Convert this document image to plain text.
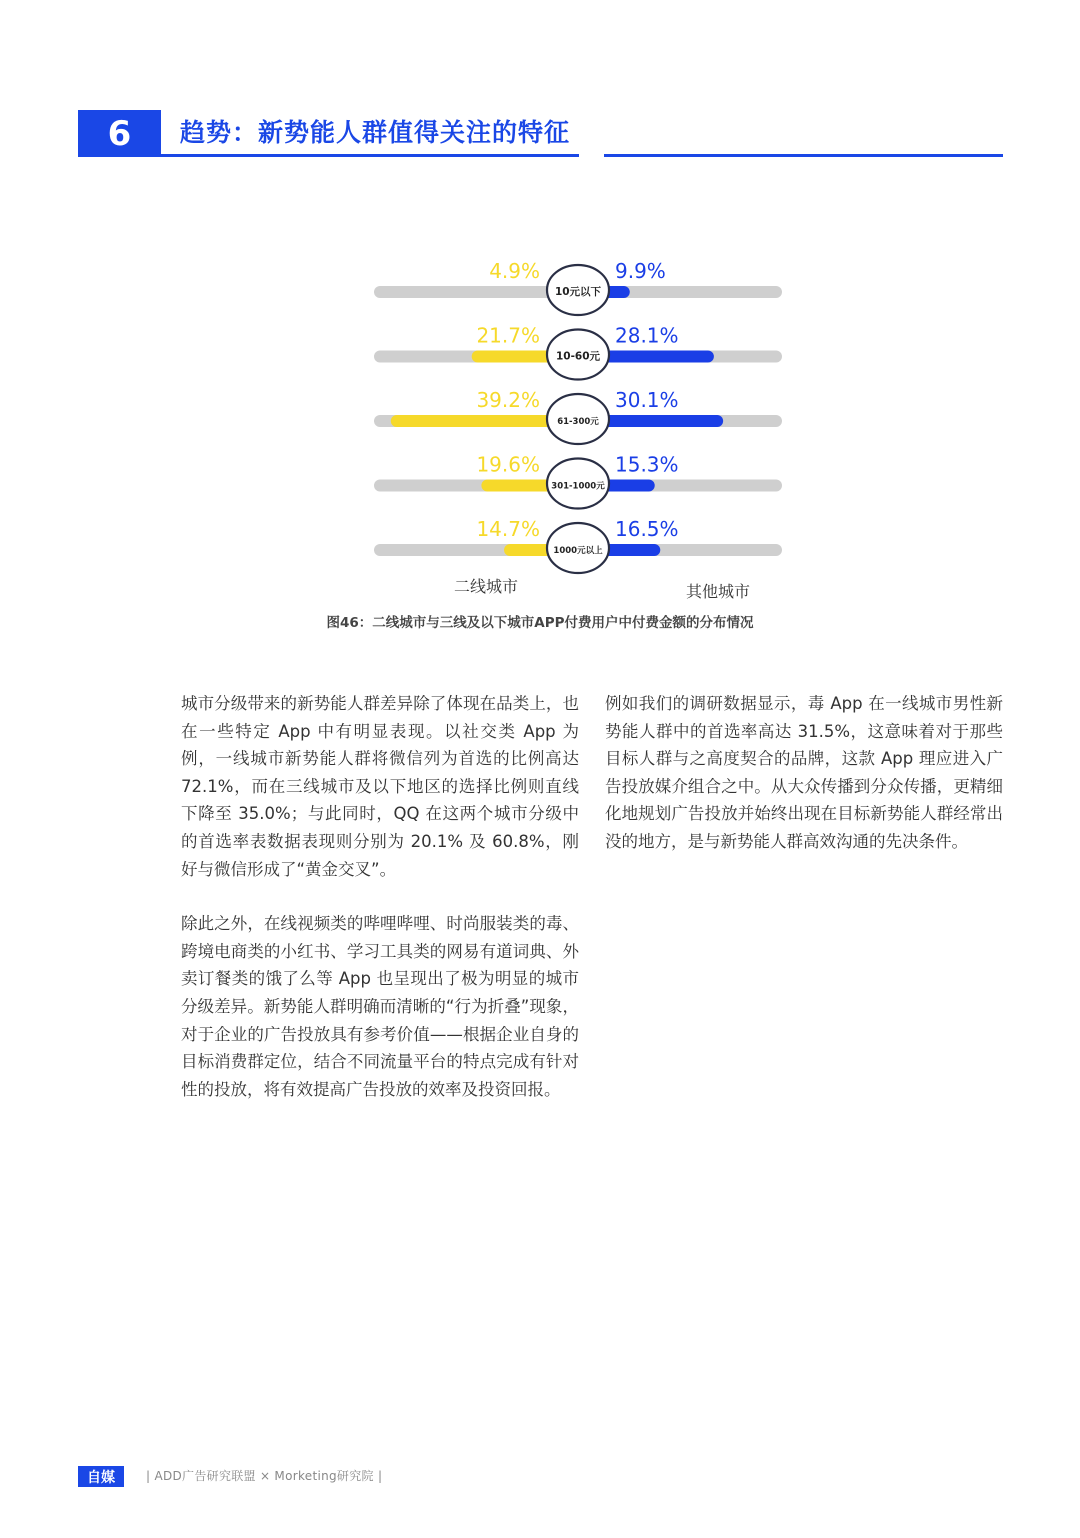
6	趋势：新势能人群值得关注的特征
10元以下
4.9%	9.9%
10-60元
21.7%	28.1%
61-300元
39.2%	30.1%
301-1000元
19.6%	15.3%
1000元以上
14.7%	16.5%
二线城市	其他城市
图46：二线城市与三线及以下城市APP付费用户中付费金额的分布情况

城市分级带来的新势能人群差异除了体现在品类上，也在一些特定 App 中有明显表现。以社交类 App 为例，一线城市新势能人群将微信列为首选的比例高达 72.1%，而在三线城市及以下地区的选择比例则直线下降至 35.0%；与此同时，QQ 在这两个城市分级中的首选率表数据表现则分别为 20.1% 及 60.8%，刚好与微信形成了“黄金交叉”。

除此之外，在线视频类的哔哩哔哩、时尚服装类的毒、跨境电商类的小红书、学习工具类的网易有道词典、外卖订餐类的饿了么等 App 也呈现出了极为明显的城市分级差异。新势能人群明确而清晰的“行为折叠”现象，对于企业的广告投放具有参考价值——根据企业自身的目标消费群定位，结合不同流量平台的特点完成有针对性的投放，将有效提高广告投放的效率及投资回报。

例如我们的调研数据显示，毒 App 在一线城市男性新势能人群中的首选率高达 31.5%，这意味着对于那些目标人群与之高度契合的品牌，这款 App 理应进入广告投放媒介组合之中。从大众传播到分众传播，更精细化地规划广告投放并始终出现在目标新势能人群经常出没的地方，是与新势能人群高效沟通的先决条件。

自媒	| ADD广告研究联盟 × Morketing研究院 |
